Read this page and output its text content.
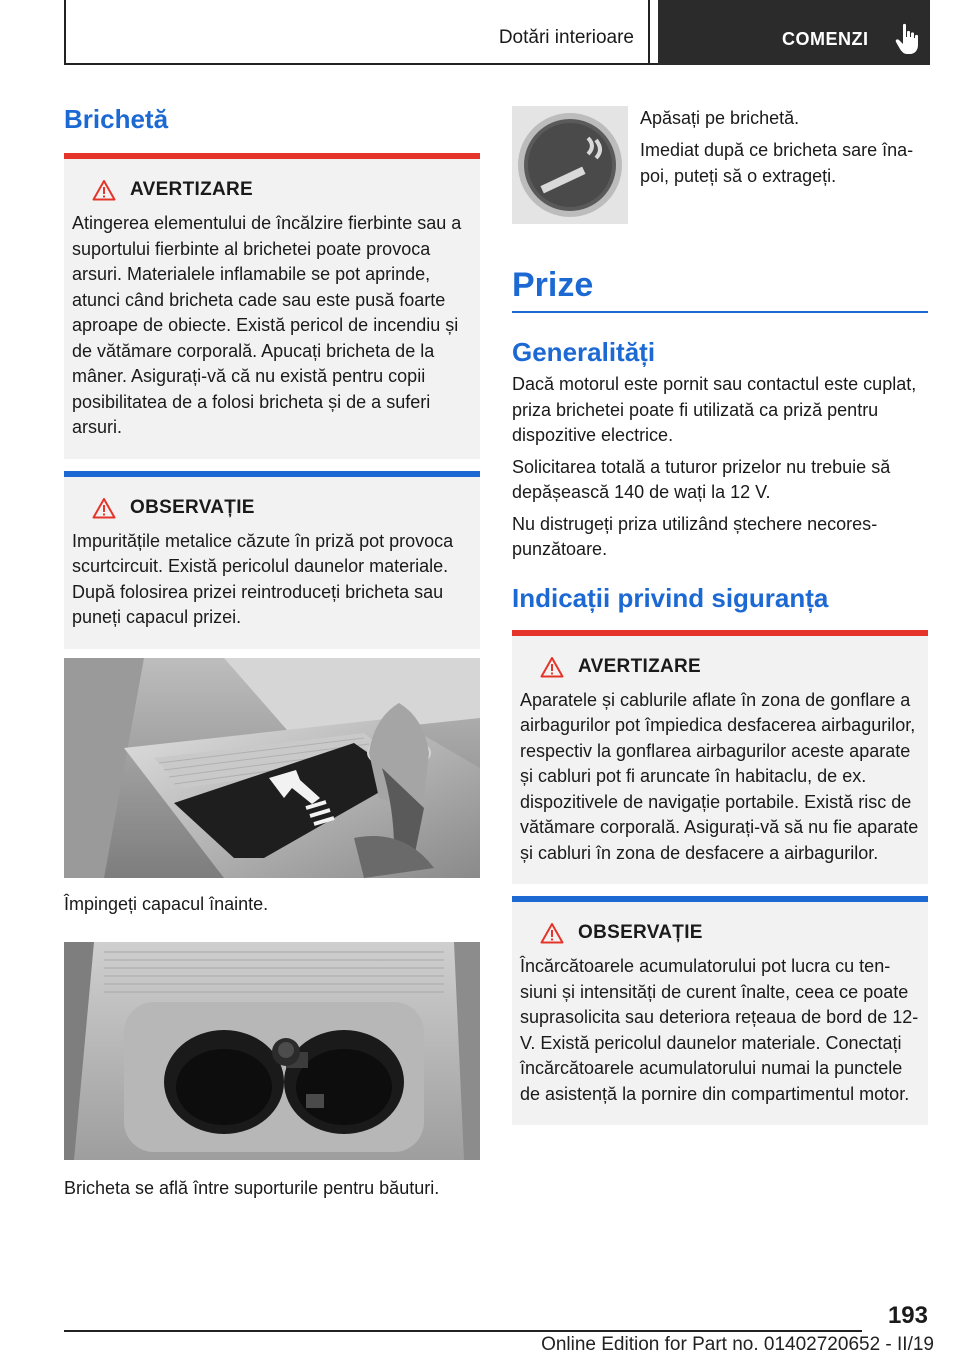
Dotări interioare	COMENZI
Brichetă
AVERTIZARE

Atingerea elementului de încălzire fierbinte sau a suportului fierbinte al brichetei poate provoca arsuri. Materialele inflamabile se pot aprinde, atunci când bricheta cade sau este pusă foarte aproape de obiecte. Există pericol de incendiu și de vătămare corporală. Apucați bricheta de la mâner. Asigurați-vă că nu există pentru copii posibilitatea de a folosi bricheta și de a suferi arsuri.

OBSERVAȚIE

Impuritățile metalice căzute în priză pot provoca scurtcircuit. Există pericolul daunelor materiale. După folosirea prizei reintroduceți bricheta sau puneți capacul prizei.

Împingeți capacul înainte.
Bricheta se află între suporturile pentru băuturi.
Apăsați pe brichetă.
Imediat după ce bricheta sare înapoi, puteți să o extrageți.
Prize
Generalități

Dacă motorul este pornit sau contactul este cuplat, priza brichetei poate fi utilizată ca priză pentru dispozitive electrice.

Solicitarea totală a tuturor prizelor nu trebuie să depășească 140 de wați la 12 V.

Nu distrugeți priza utilizând ștechere necorespunzătoare.

Indicații privind siguranța
AVERTIZARE

Aparatele și cablurile aflate în zona de gonflare a airbagurilor pot împiedica desfacerea airbagurilor, respectiv la gonflarea airbagurilor aceste aparate și cabluri pot fi aruncate în habitaclu, de ex. dispozitivele de navigație portabile. Există risc de vătămare corporală. Asigurați-vă să nu fie aparate și cabluri în zona de desfacere a airbagurilor.

OBSERVAȚIE

Încărcătoarele acumulatorului pot lucra cu tensiuni și intensități de curent înalte, ceea ce poate suprasolicita sau deteriora rețeaua de bord de 12-V. Există pericolul daunelor materiale. Conectați încărcătoarele acumulatorului numai la punctele de asistență la pornire din compartimentul motor.

193
Online Edition for Part no. 01402720652 - II/19
